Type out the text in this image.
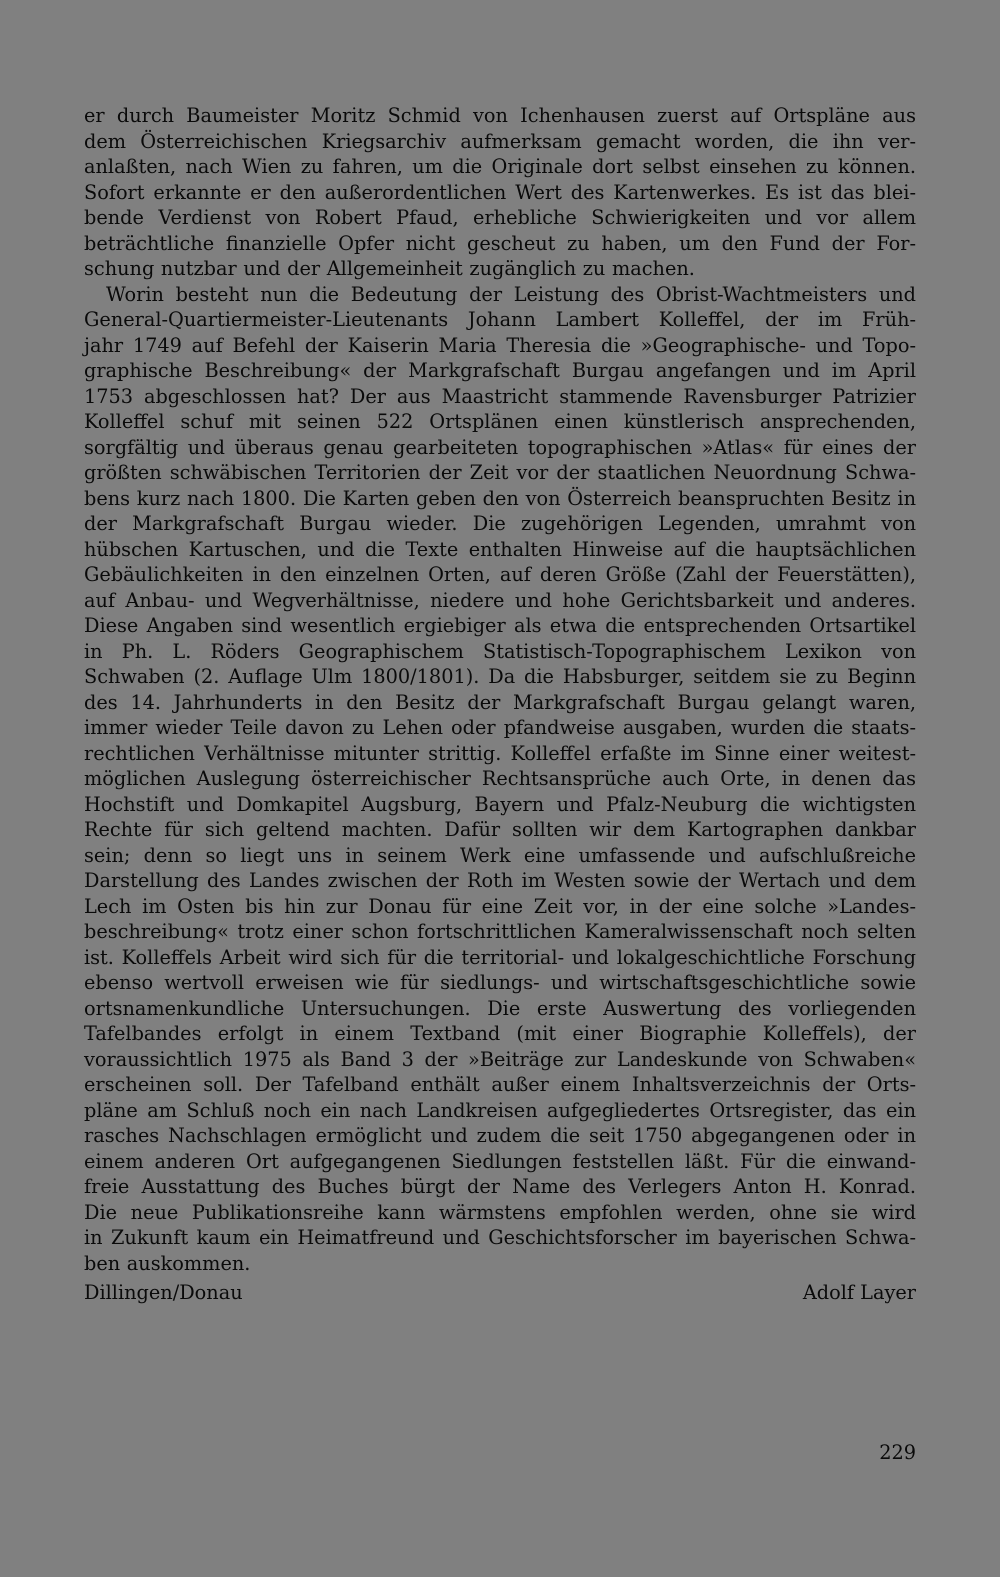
er durch Baumeister Moritz Schmid von Ichenhausen zuerst auf Ortspläne aus
dem Österreichischen Kriegsarchiv aufmerksam gemacht worden, die ihn ver-
anlaßten, nach Wien zu fahren, um die Originale dort selbst einsehen zu können.
Sofort erkannte er den außerordentlichen Wert des Kartenwerkes. Es ist das blei-
bende Verdienst von Robert Pfaud, erhebliche Schwierigkeiten und vor allem
beträchtliche finanzielle Opfer nicht gescheut zu haben, um den Fund der For-
schung nutzbar und der Allgemeinheit zugänglich zu machen.
Worin besteht nun die Bedeutung der Leistung des Obrist-Wachtmeisters und
General-Quartiermeister-Lieutenants Johann Lambert Kolleffel, der im Früh-
jahr 1749 auf Befehl der Kaiserin Maria Theresia die »Geographische- und Topo-
graphische Beschreibung« der Markgrafschaft Burgau angefangen und im April
1753 abgeschlossen hat? Der aus Maastricht stammende Ravensburger Patrizier
Kolleffel schuf mit seinen 522 Ortsplänen einen künstlerisch ansprechenden,
sorgfältig und überaus genau gearbeiteten topographischen »Atlas« für eines der
größten schwäbischen Territorien der Zeit vor der staatlichen Neuordnung Schwa-
bens kurz nach 1800. Die Karten geben den von Österreich beanspruchten Besitz in
der Markgrafschaft Burgau wieder. Die zugehörigen Legenden, umrahmt von
hübschen Kartuschen, und die Texte enthalten Hinweise auf die hauptsächlichen
Gebäulichkeiten in den einzelnen Orten, auf deren Größe (Zahl der Feuerstätten),
auf Anbau- und Wegverhältnisse, niedere und hohe Gerichtsbarkeit und anderes.
Diese Angaben sind wesentlich ergiebiger als etwa die entsprechenden Ortsartikel
in Ph. L. Röders Geographischem Statistisch-Topographischem Lexikon von
Schwaben (2. Auflage Ulm 1800/1801). Da die Habsburger, seitdem sie zu Beginn
des 14. Jahrhunderts in den Besitz der Markgrafschaft Burgau gelangt waren,
immer wieder Teile davon zu Lehen oder pfandweise ausgaben, wurden die staats-
rechtlichen Verhältnisse mitunter strittig. Kolleffel erfaßte im Sinne einer weitest-
möglichen Auslegung österreichischer Rechtsansprüche auch Orte, in denen das
Hochstift und Domkapitel Augsburg, Bayern und Pfalz-Neuburg die wichtigsten
Rechte für sich geltend machten. Dafür sollten wir dem Kartographen dankbar
sein; denn so liegt uns in seinem Werk eine umfassende und aufschlußreiche
Darstellung des Landes zwischen der Roth im Westen sowie der Wertach und dem
Lech im Osten bis hin zur Donau für eine Zeit vor, in der eine solche »Landes-
beschreibung« trotz einer schon fortschrittlichen Kameralwissenschaft noch selten
ist. Kolleffels Arbeit wird sich für die territorial- und lokalgeschichtliche Forschung
ebenso wertvoll erweisen wie für siedlungs- und wirtschaftsgeschichtliche sowie
ortsnamenkundliche Untersuchungen. Die erste Auswertung des vorliegenden
Tafelbandes erfolgt in einem Textband (mit einer Biographie Kolleffels), der
voraussichtlich 1975 als Band 3 der »Beiträge zur Landeskunde von Schwaben«
erscheinen soll. Der Tafelband enthält außer einem Inhaltsverzeichnis der Orts-
pläne am Schluß noch ein nach Landkreisen aufgegliedertes Ortsregister, das ein
rasches Nachschlagen ermöglicht und zudem die seit 1750 abgegangenen oder in
einem anderen Ort aufgegangenen Siedlungen feststellen läßt. Für die einwand-
freie Ausstattung des Buches bürgt der Name des Verlegers Anton H. Konrad.
Die neue Publikationsreihe kann wärmstens empfohlen werden, ohne sie wird
in Zukunft kaum ein Heimatfreund und Geschichtsforscher im bayerischen Schwa-
ben auskommen.
Dillingen/Donau	Adolf Layer
229
